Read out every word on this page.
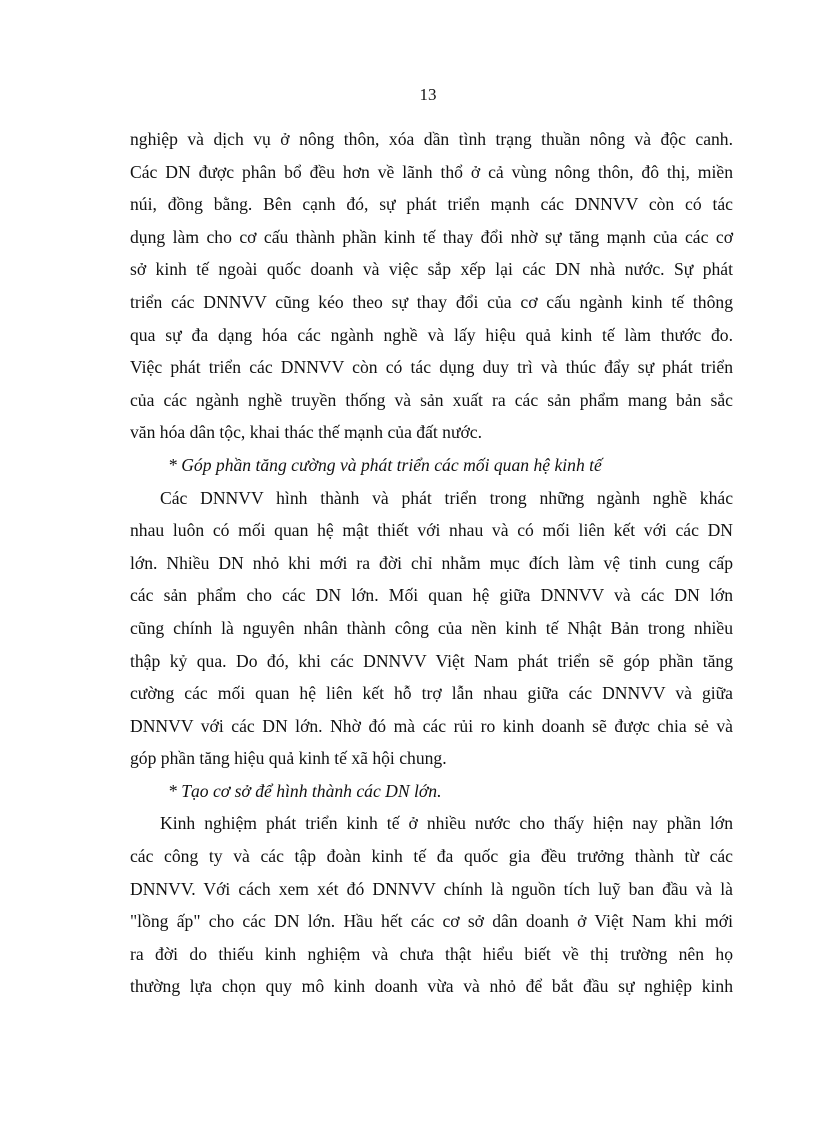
13
nghiệp và dịch vụ ở nông thôn, xóa dần tình trạng thuần nông và độc canh.
Các DN được phân bổ đều hơn về lãnh thổ ở cả vùng nông thôn, đô thị, miền
núi, đồng bằng. Bên cạnh đó, sự phát triển mạnh các DNNVV còn có tác
dụng làm cho cơ cấu thành phần kinh tế thay đổi nhờ sự tăng mạnh của các cơ
sở kinh tế ngoài quốc doanh và việc sắp xếp lại các DN nhà nước. Sự phát
triển các DNNVV cũng kéo theo sự thay đổi của cơ cấu ngành kinh tế thông
qua sự đa dạng hóa các ngành nghề và lấy hiệu quả kinh tế làm thước đo.
Việc phát triển các DNNVV còn có tác dụng duy trì và thúc đẩy sự phát triển
của các ngành nghề truyền thống và sản xuất ra các sản phẩm mang bản sắc
văn hóa dân tộc, khai thác thế mạnh của đất nước.
* Góp phần tăng cường và phát triển các mối quan hệ kinh tế
Các DNNVV hình thành và phát triển trong những ngành nghề khác
nhau luôn có mối quan hệ mật thiết với nhau và có mối liên kết với các DN
lớn. Nhiều DN nhỏ khi mới ra đời chỉ nhằm mục đích làm vệ tinh cung cấp
các sản phẩm cho các DN lớn. Mối quan hệ giữa DNNVV và các DN lớn
cũng chính là nguyên nhân thành công của nền kinh tế Nhật Bản trong nhiều
thập kỷ qua. Do đó, khi các DNNVV Việt Nam phát triển sẽ góp phần tăng
cường các mối quan hệ liên kết hỗ trợ lẫn nhau giữa các DNNVV và giữa
DNNVV với các DN lớn. Nhờ đó mà các rủi ro kinh doanh sẽ được chia sẻ và
góp phần tăng hiệu quả kinh tế xã hội chung.
* Tạo cơ sở để hình thành các DN lớn.
Kinh nghiệm phát triển kinh tế ở nhiều nước cho thấy hiện nay phần lớn
các công ty và các tập đoàn kinh tế đa quốc gia đều trưởng thành từ các
DNNVV. Với cách xem xét đó DNNVV chính là nguồn tích luỹ ban đầu và là
"lồng ấp" cho các DN lớn. Hầu hết các cơ sở dân doanh ở Việt Nam khi mới
ra đời do thiếu kinh nghiệm và chưa thật hiểu biết về thị trường nên họ
thường lựa chọn quy mô kinh doanh vừa và nhỏ để bắt đầu sự nghiệp kinh
